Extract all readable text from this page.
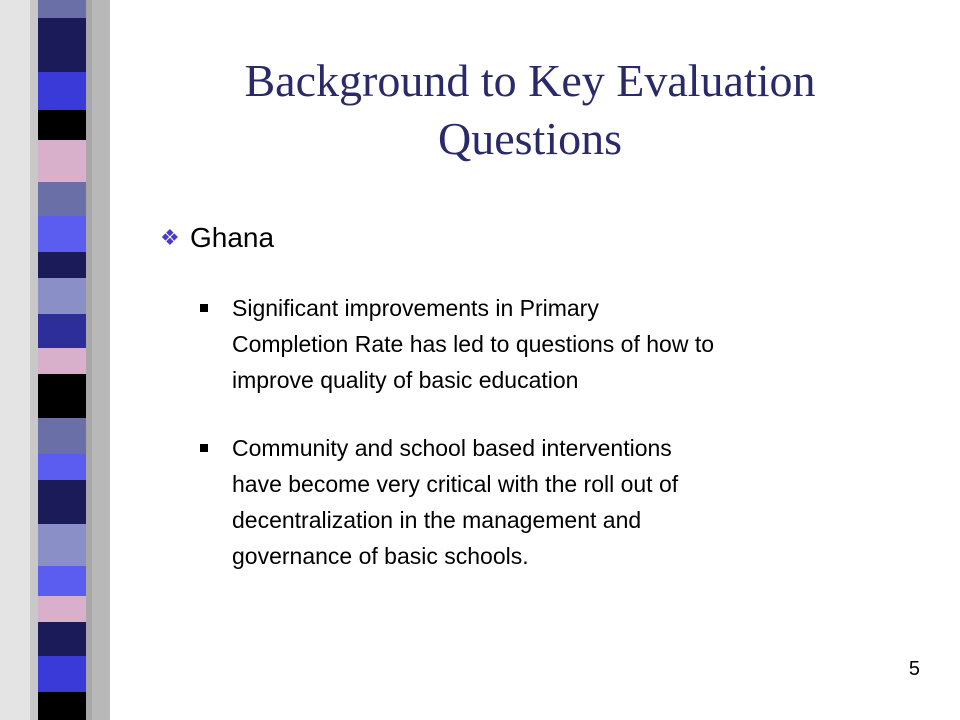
Background to Key Evaluation
Questions
❖ Ghana
Significant improvements in Primary Completion Rate has led to questions of how to improve quality of basic education
Community and school based interventions have become very critical with the roll out of decentralization in the management and governance of basic schools.
5
